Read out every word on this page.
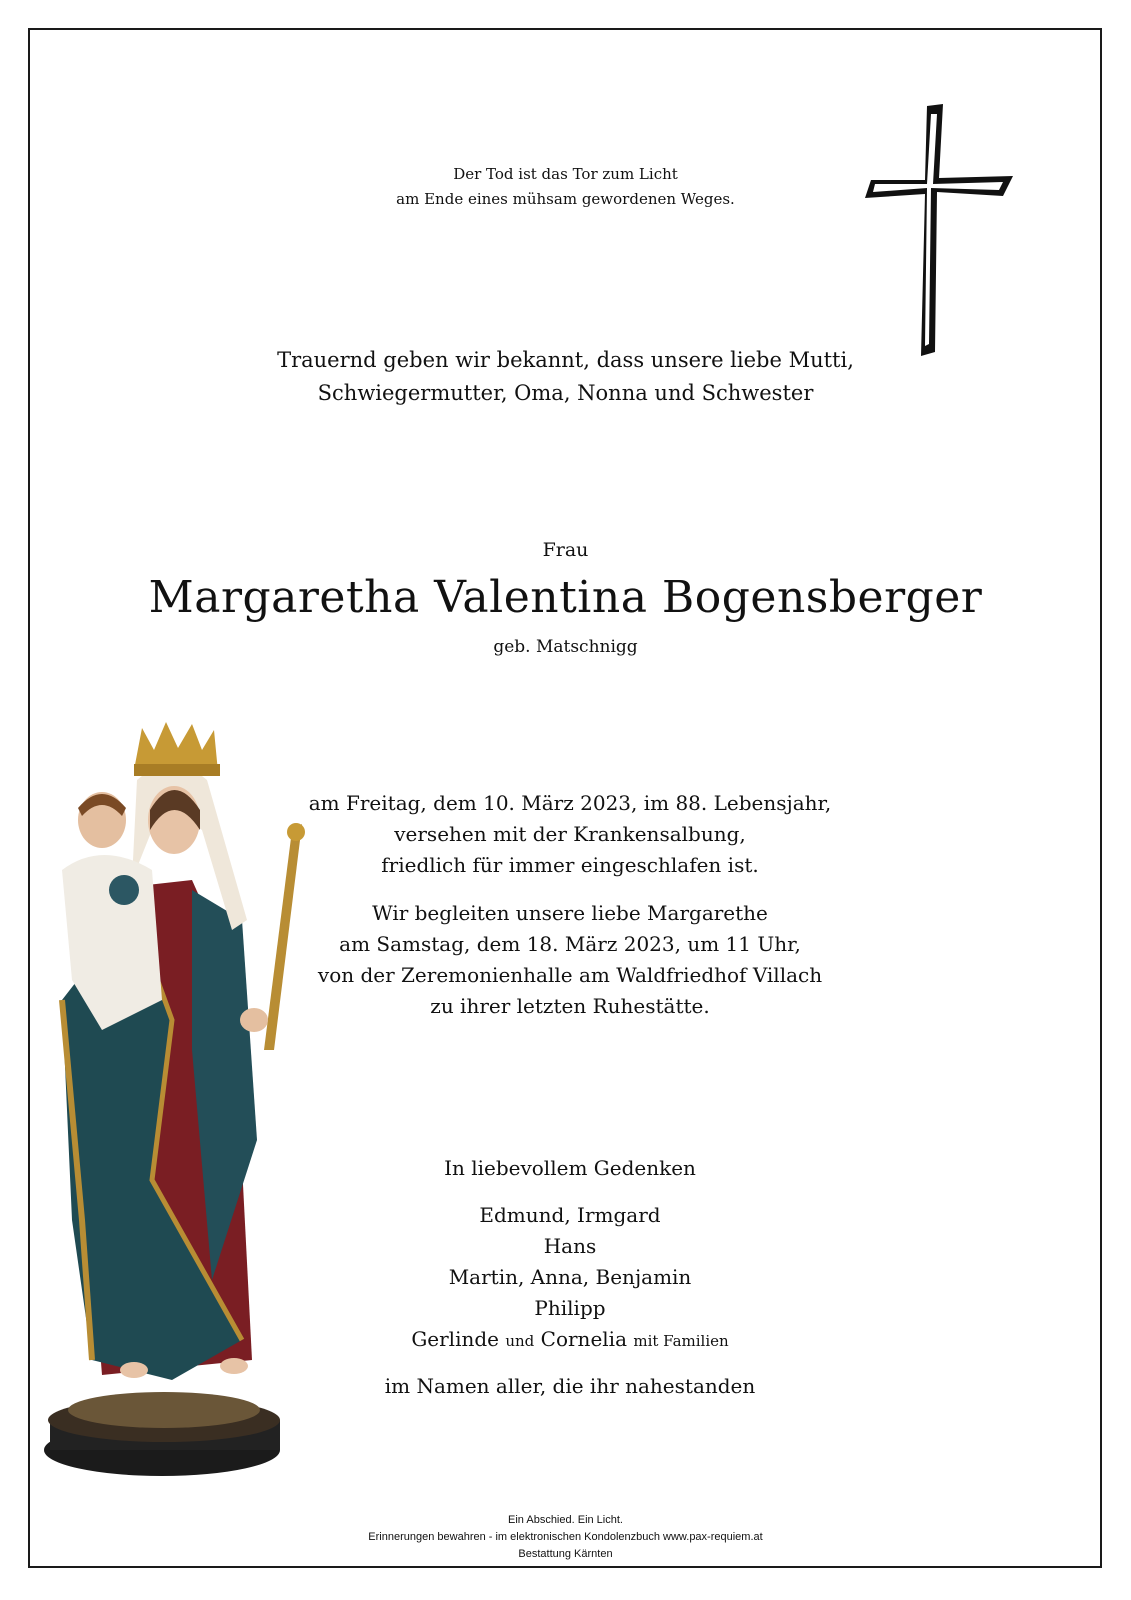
Der Tod ist das Tor zum Licht
am Ende eines mühsam gewordenen Weges.
Trauernd geben wir bekannt, dass unsere liebe Mutti,
Schwiegermutter, Oma, Nonna und Schwester
Frau
Margaretha Valentina Bogensberger
geb. Matschnigg
am Freitag, dem 10. März 2023, im 88. Lebensjahr,
versehen mit der Krankensalbung,
friedlich für immer eingeschlafen ist.
Wir begleiten unsere liebe Margarethe
am Samstag, dem 18. März 2023, um 11 Uhr,
von der Zeremonienhalle am Waldfriedhof Villach
zu ihrer letzten Ruhestätte.
In liebevollem Gedenken
Edmund, Irmgard
Hans
Martin, Anna, Benjamin
Philipp
Gerlinde und Cornelia mit Familien
im Namen aller, die ihr nahestanden
Ein Abschied. Ein Licht.
Erinnerungen bewahren - im elektronischen Kondolenzbuch www.pax-requiem.at
Bestattung Kärnten
